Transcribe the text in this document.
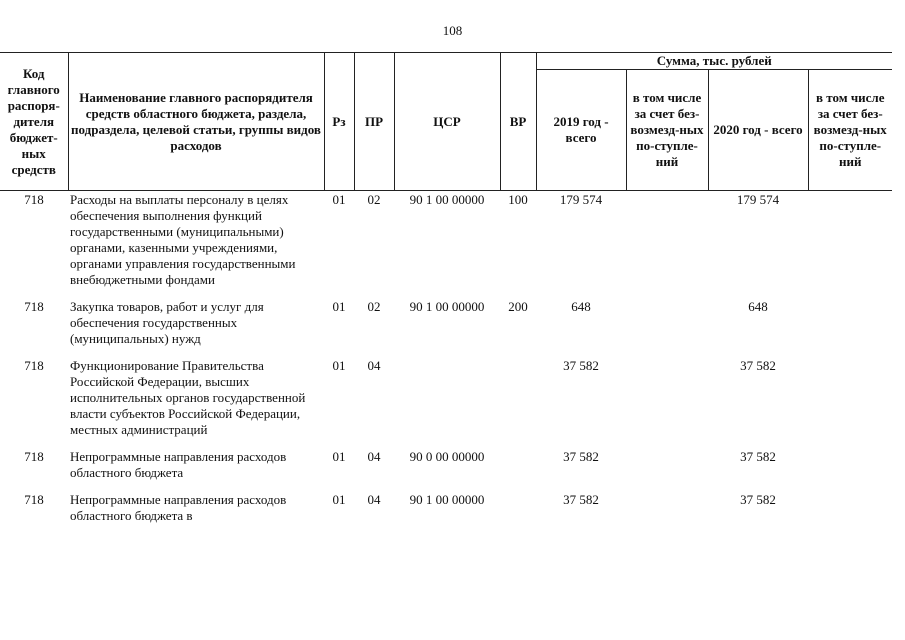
108
Код главного распоря-дителя бюджет-ных средств	Наименование главного распорядителя средств областного бюджета, раздела, подраздела, целевой статьи, группы видов расходов	Рз	ПР	ЦСР	ВР	Сумма, тыс. рублей			
						2019 год - всего	в том числе за счет без-возмезд-ных по-ступле-ний	2020 год - всего	в том числе за счет без-возмезд-ных по-ступле-ний
718	Расходы на выплаты персоналу в целях обеспечения выполнения функций государственными (муниципальными) органами, казенными учреждениями, органами управления государственными внебюджетными фондами	01	02	90 1 00 00000	100	179 574		179 574	
718	Закупка товаров, работ и услуг для обеспечения государственных (муниципальных) нужд	01	02	90 1 00 00000	200	648		648	
718	Функционирование Правительства Российской Федерации, высших исполнительных органов государственной власти субъектов Российской Федерации, местных администраций	01	04			37 582		37 582	
718	Непрограммные направления расходов областного бюджета	01	04	90 0 00 00000		37 582		37 582	
718	Непрограммные направления расходов областного бюджета в	01	04	90 1 00 00000		37 582		37 582	
